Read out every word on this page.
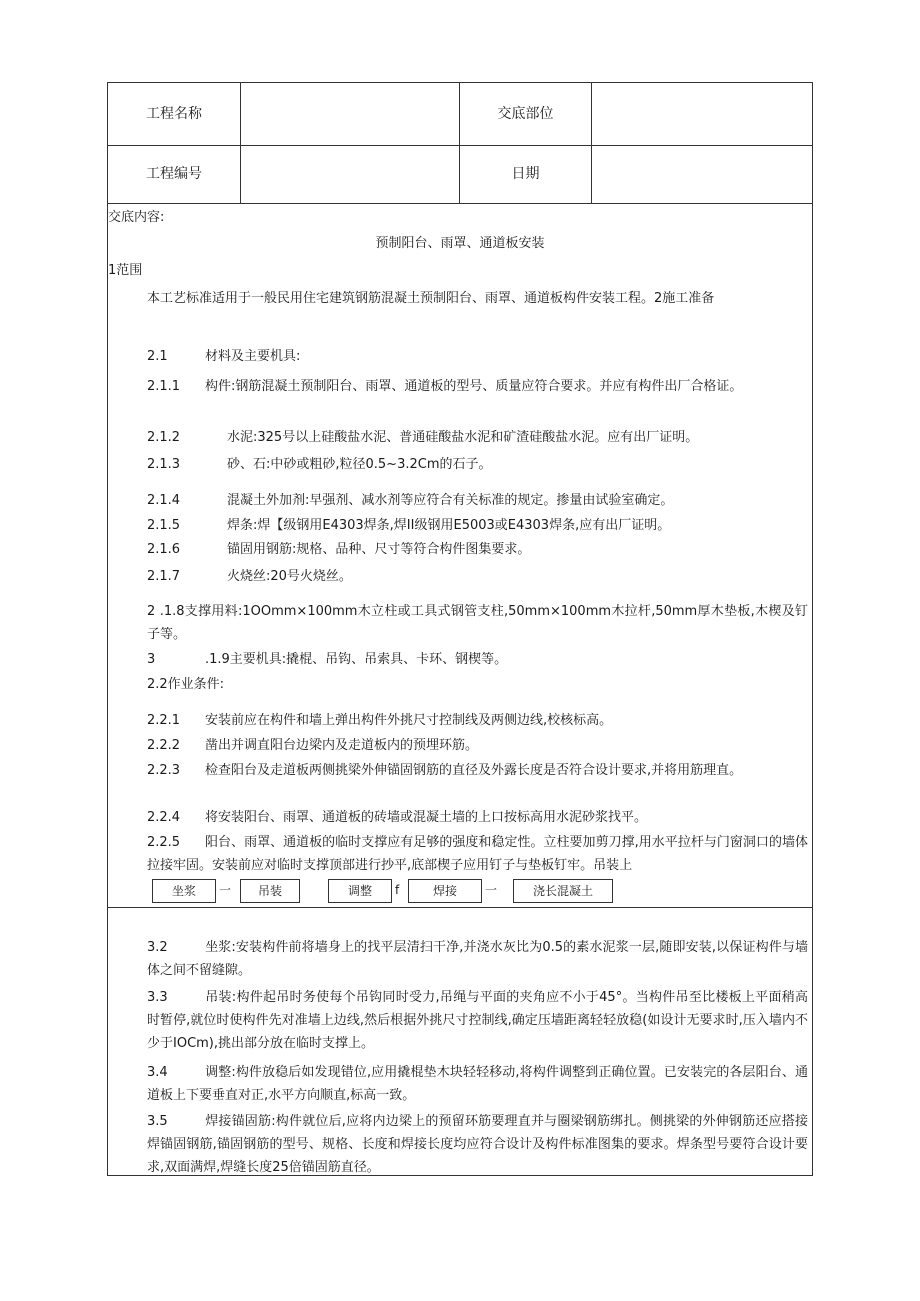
工程名称	交底部位
工程编号	日期
交底内容:
预制阳台、雨罩、通道板安装
1范围
本工艺标准适用于一般民用住宅建筑钢筋混凝土预制阳台、雨罩、通道板构件安装工程。2施工准备
2.1	材料及主要机具:
2.1.1 构件:钢筋混凝土预制阳台、雨罩、通道板的型号、质量应符合要求。并应有构件出厂合格证。
2.1.2	水泥:325号以上硅酸盐水泥、普通硅酸盐水泥和矿渣硅酸盐水泥。应有出厂证明。
2.1.3	砂、石:中砂或粗砂,粒径0.5~3.2Cm的石子。
2.1.4	混凝土外加剂:早强剂、减水剂等应符合有关标准的规定。掺量由试验室确定。
2.1.5	焊条:焊【级钢用E4303焊条,焊II级钢用E5003或E4303焊条,应有出厂证明。
2.1.6	锚固用钢筋:规格、品种、尺寸等符合构件图集要求。
2.1.7	火烧丝:20号火烧丝。
2 .1.8支撑用料:1OOmm×100mm木立柱或工具式钢管支柱,50mm×100mm木拉杆,50mm厚木垫板,木楔及钉子等。
3	.1.9主要机具:撬棍、吊钩、吊索具、卡环、钢楔等。
2.2作业条件:
2.2.1 安装前应在构件和墙上弹出构件外挑尺寸控制线及两侧边线,校核标高。
2.2.2 凿出并调直阳台边梁内及走道板内的预埋环筋。
2.2.3 检查阳台及走道板两侧挑梁外伸锚固钢筋的直径及外露长度是否符合设计要求,并将用筋理直。
2.2.4 将安装阳台、雨罩、通道板的砖墙或混凝土墙的上口按标高用水泥砂浆找平。
2.2.5 阳台、雨罩、通道板的临时支撑应有足够的强度和稳定性。立柱要加剪刀撑,用水平拉杆与门窗洞口的墙体拉接牢固。安装前应对临时支撑顶部进行抄平,底部楔子应用钉子与垫板钉牢。吊装上
坐浆	一	吊装	调整	f	焊接	一	浇长混凝土
3.2	坐浆:安装构件前将墙身上的找平层清扫干净,并浇水灰比为0.5的素水泥浆一层,随即安装,以保证构件与墙体之间不留缝隙。
3.3	吊装:构件起吊时务使每个吊钩同时受力,吊绳与平面的夹角应不小于45°。当构件吊至比楼板上平面稍高时暂停,就位时使构件先对准墙上边线,然后根据外挑尺寸控制线,确定压墙距离轻轻放稳(如设计无要求时,压入墙内不少于IOCm),挑出部分放在临时支撑上。
3.4	调整:构件放稳后如发现错位,应用撬棍垫木块轻轻移动,将构件调整到正确位置。已安装完的各层阳台、通道板上下要垂直对正,水平方向顺直,标高一致。
3.5	焊接锚固筋:构件就位后,应将内边梁上的预留环筋要理直并与圈梁钢筋绑扎。侧挑梁的外伸钢筋还应搭接焊锚固钢筋,锚固钢筋的型号、规格、长度和焊接长度均应符合设计及构件标准图集的要求。焊条型号要符合设计要求,双面满焊,焊缝长度25倍锚固筋直径。
